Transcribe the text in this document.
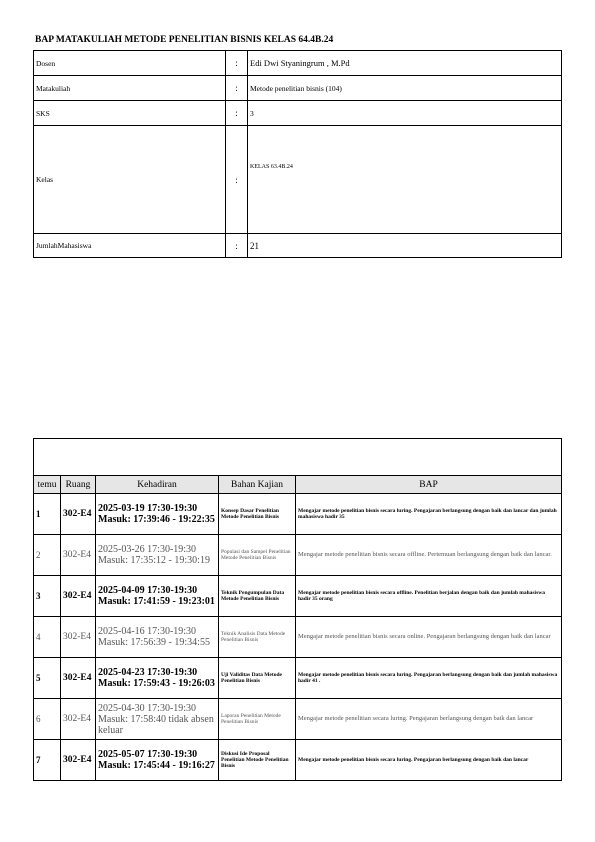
BAP MATAKULIAH METODE PENELITIAN BISNIS KELAS 64.4B.24
Dosen	:	Edi Dwi Styaningrum , M.Pd
Matakuliah	:	Metode penelitian bisnis (104)
SKS	:	3
Kelas	:	KELAS 63.4B.24
JumlahMahasiswa	:	21
temu	Ruang	Kehadiran	Bahan Kajian	BAP
1	302-E4	2025-03-19 17:30-19:30 Masuk: 17:39:46 - 19:22:35	Konsep Dasar Penelitian Metode Penelitian Bisnis	Mengajar metode penelitian bisnis secara luring. Pengajaran berlangsung dengan baik dan lancar dan jumlah mahasiswa hadir 35
2	302-E4	2025-03-26 17:30-19:30 Masuk: 17:35:12 - 19:30:19	Populasi dan Sampel Penelitian Metode Penelitian Bisnis	Mengajar metode penelitian bisnis secara offline. Pertemuan berlangsung dengan baik dan lancar.
3	302-E4	2025-04-09 17:30-19:30 Masuk: 17:41:59 - 19:23:01	Teknik Pengumpulan Data Metode Penelitian Bisnis	Mengajar metode penelitian bisnis secara offline. Penelitian berjalan dengan baik dan jumlah mahasiswa hadir 35 orang
4	302-E4	2025-04-16 17:30-19:30 Masuk: 17:56:39 - 19:34:55	Teknik Analisis Data Metode Penelitian Bisnis	Mengajar metode penelitian bisnis secara online. Pengajaran berlangsung dengan baik dan lancar
5	302-E4	2025-04-23 17:30-19:30 Masuk: 17:59:43 - 19:26:03	Uji Validitas Data Metode Penelitian Bisnis	Mengajar metode penelitian bisnis secara luring. Pengajaran berlangsung dengan baik dan jumlah mahasiswa hadir 41 .
6	302-E4	2025-04-30 17:30-19:30 Masuk: 17:58:40 tidak absen keluar	Laporan Penelitian Metode Penelitian Bisnis	Mengajar metode penelitian secara luring. Pengajaran berlangsung dengan baik dan lancar
7	302-E4	2025-05-07 17:30-19:30 Masuk: 17:45:44 - 19:16:27	Diskusi Ide Proposal Penelitian Metode Penelitian Bisnis	Mengajar metode penelitian bisnis secara luring. Pengajaran berlangsung dengan baik dan lancar
